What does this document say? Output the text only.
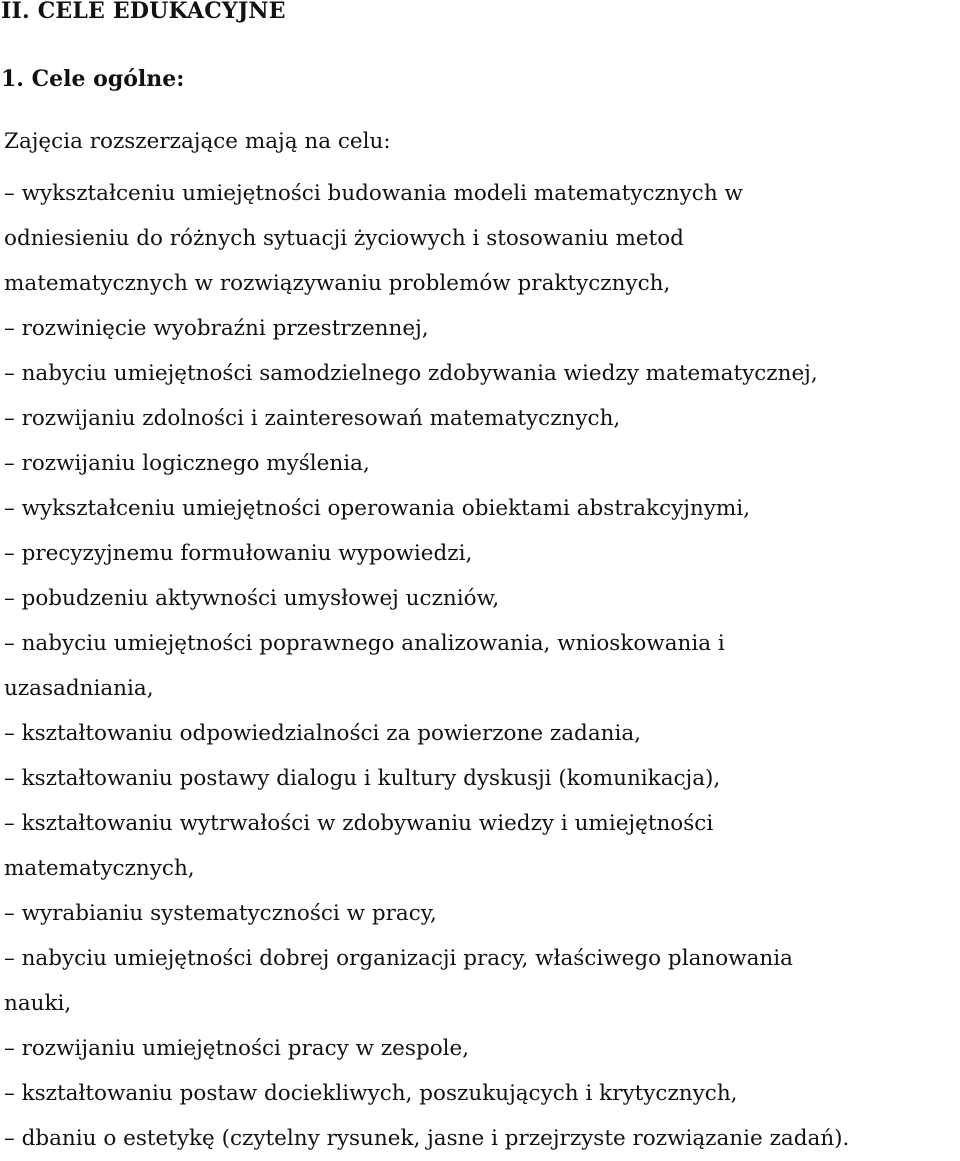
II. CELE EDUKACYJNE
1. Cele ogólne:

Zajęcia rozszerzające mają na celu:

– wykształceniu umiejętności budowania modeli matematycznych w
odniesieniu do różnych sytuacji życiowych i stosowaniu metod
matematycznych w rozwiązywaniu problemów praktycznych,
– rozwinięcie wyobraźni przestrzennej,
– nabyciu umiejętności samodzielnego zdobywania wiedzy matematycznej,
– rozwijaniu zdolności i zainteresowań matematycznych,
– rozwijaniu logicznego myślenia,
– wykształceniu umiejętności operowania obiektami abstrakcyjnymi,
– precyzyjnemu formułowaniu wypowiedzi,
– pobudzeniu aktywności umysłowej uczniów,
– nabyciu umiejętności poprawnego analizowania, wnioskowania i
uzasadniania,
– kształtowaniu odpowiedzialności za powierzone zadania,
– kształtowaniu postawy dialogu i kultury dyskusji (komunikacja),
– kształtowaniu wytrwałości w zdobywaniu wiedzy i umiejętności
matematycznych,
– wyrabianiu systematyczności w pracy,
– nabyciu umiejętności dobrej organizacji pracy, właściwego planowania
nauki,
– rozwijaniu umiejętności pracy w zespole,
– kształtowaniu postaw dociekliwych, poszukujących i krytycznych,
– dbaniu o estetykę (czytelny rysunek, jasne i przejrzyste rozwiązanie zadań).
